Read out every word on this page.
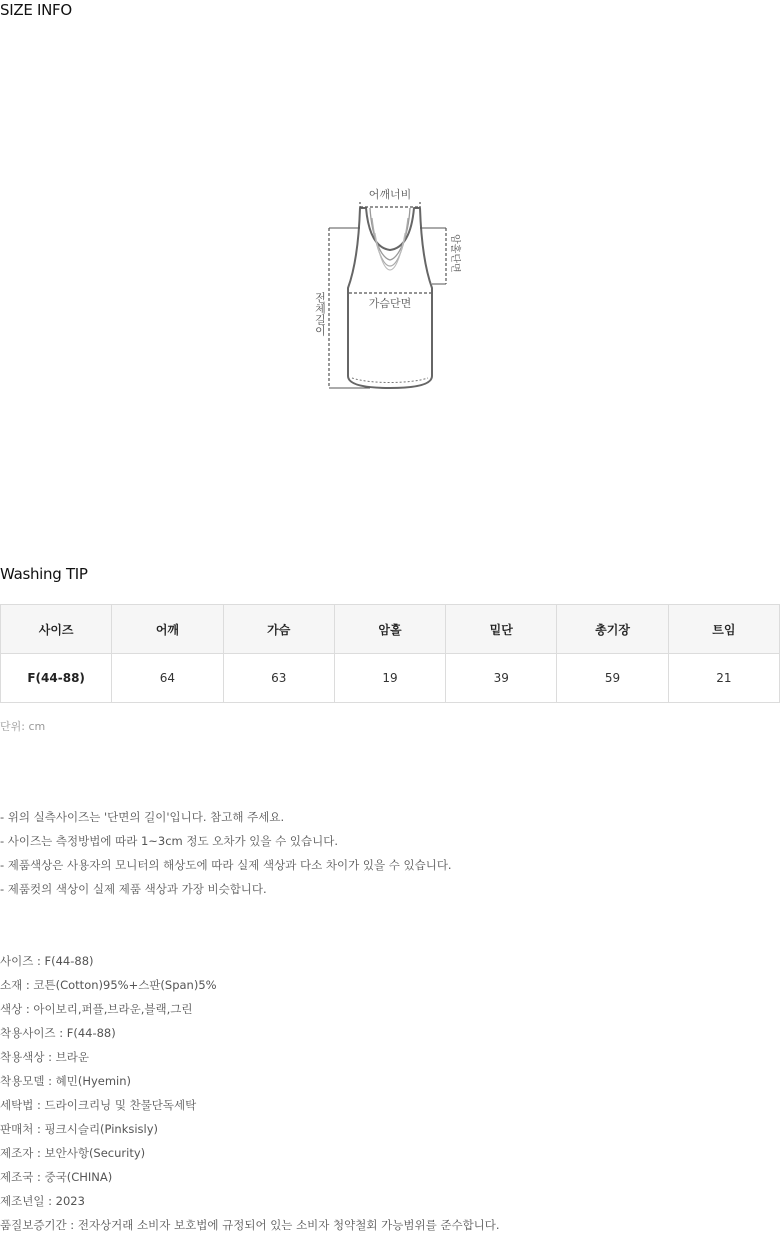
SIZE INFO
어깨너비
가슴단면
암홀단면
전체길이
Washing TIP
사이즈	어깨	가슴	암홀	밑단	총기장	트임
F(44-88)	64	63	19	39	59	21
단위: cm
- 위의 실측사이즈는 '단면의 길이'입니다. 참고해 주세요.
- 사이즈는 측정방법에 따라 1~3cm 정도 오차가 있을 수 있습니다.
- 제품색상은 사용자의 모니터의 해상도에 따라 실제 색상과 다소 차이가 있을 수 있습니다.
- 제품컷의 색상이 실제 제품 색상과 가장 비슷합니다.
사이즈 : F(44-88)
소재 : 코튼(Cotton)95%+스판(Span)5%
색상 : 아이보리,퍼플,브라운,블랙,그린
착용사이즈 : F(44-88)
착용색상 : 브라운
착용모델 : 혜민(Hyemin)
세탁법 : 드라이크리닝 및 찬물단독세탁
판매처 : 핑크시슬리(Pinksisly)
제조자 : 보안사항(Security)
제조국 : 중국(CHINA)
제조년일 : 2023
품질보증기간 : 전자상거래 소비자 보호법에 규정되어 있는 소비자 청약철회 가능범위를 준수합니다.
